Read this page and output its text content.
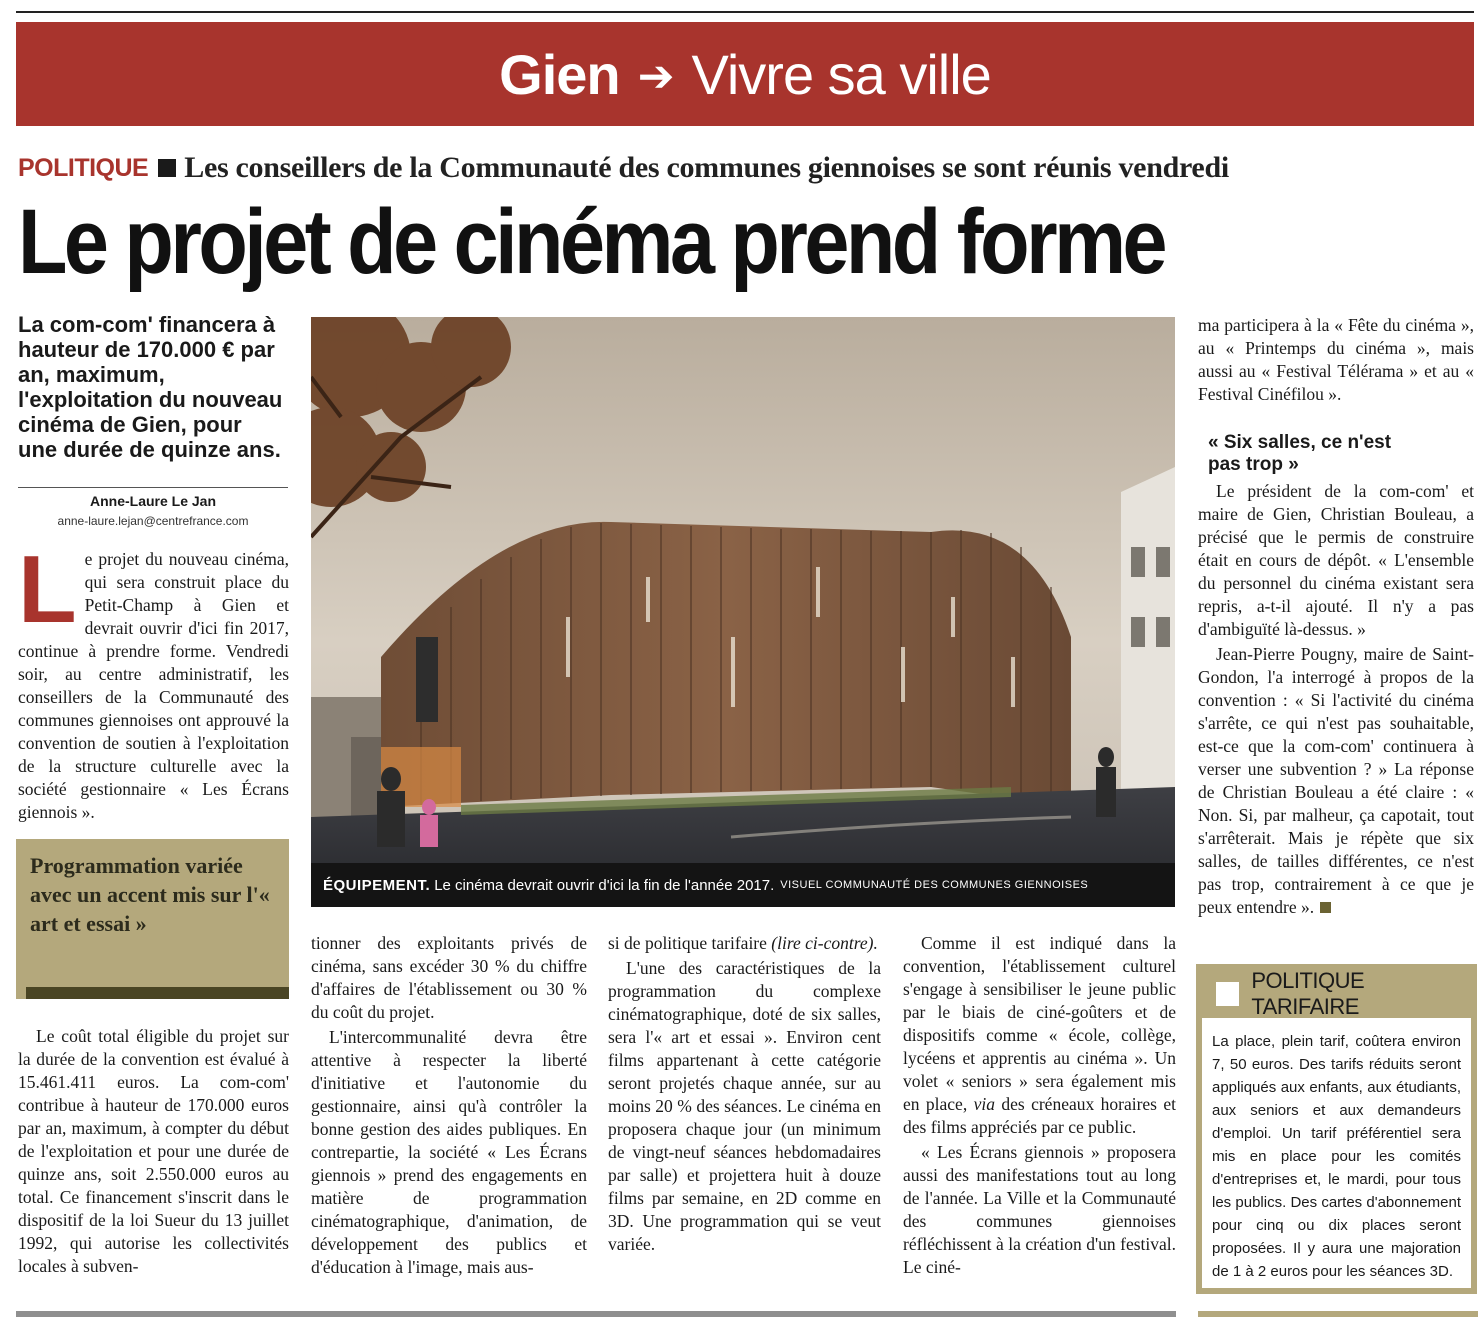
Gien ➔ Vivre sa ville
POLITIQUE Les conseillers de la Communauté des communes giennoises se sont réunis vendredi
Le projet de cinéma prend forme
La com-com' financera à hauteur de 170.000 € par an, maximum, l'exploitation du nouveau cinéma de Gien, pour une durée de quinze ans.
Anne-Laure Le Jan
anne-laure.lejan@centrefrance.com
L e projet du nouveau cinéma, qui sera construit place du Petit-Champ à Gien et devrait ouvrir d'ici fin 2017, continue à prendre forme. Vendredi soir, au centre administratif, les conseillers de la Communauté des communes giennoises ont approuvé la convention de soutien à l'exploitation de la structure culturelle avec la société gestionnaire « Les Écrans giennois ».

Programmation variée avec un accent mis sur l'« art et essai »

Le coût total éligible du projet sur la durée de la convention est évalué à 15.461.411 euros. La com-com' contribue à hauteur de 170.000 euros par an, maximum, à compter du début de l'exploitation et pour une durée de quinze ans, soit 2.550.000 euros au total. Ce financement s'inscrit dans le dispositif de la loi Sueur du 13 juillet 1992, qui autorise les collectivités locales à subven-

ÉQUIPEMENT. Le cinéma devrait ouvrir d'ici la fin de l'année 2017. VISUEL COMMUNAUTÉ DES COMMUNES GIENNOISES

tionner des exploitants privés de cinéma, sans excéder 30 % du chiffre d'affaires de l'établissement ou 30 % du coût du projet.

L'intercommunalité devra être attentive à respecter la liberté d'initiative et l'autonomie du gestionnaire, ainsi qu'à contrôler la bonne gestion des aides publiques. En contrepartie, la société « Les Écrans giennois » prend des engagements en matière de programmation cinématographique, d'animation, de développement des publics et d'éducation à l'image, mais aus-

si de politique tarifaire (lire ci-contre).

L'une des caractéristiques de la programmation du complexe cinématographique, doté de six salles, sera l'« art et essai ». Environ cent films appartenant à cette catégorie seront projetés chaque année, sur au moins 20 % des séances. Le cinéma en proposera chaque jour (un minimum de vingt-neuf séances hebdomadaires par salle) et projettera huit à douze films par semaine, en 2D comme en 3D. Une programmation qui se veut variée.

Comme il est indiqué dans la convention, l'établissement culturel s'engage à sensibiliser le jeune public par le biais de ciné-goûters et de dispositifs comme « école, collège, lycéens et apprentis au cinéma ». Un volet « seniors » sera également mis en place, via des créneaux horaires et des films appréciés par ce public.

« Les Écrans giennois » proposera aussi des manifestations tout au long de l'année. La Ville et la Communauté des communes giennoises réfléchissent à la création d'un festival. Le ciné-

ma participera à la « Fête du cinéma », au « Printemps du cinéma », mais aussi au « Festival Télérama » et au « Festival Cinéfilou ».

« Six salles, ce n'est pas trop »

Le président de la com-com' et maire de Gien, Christian Bouleau, a précisé que le permis de construire était en cours de dépôt. « L'ensemble du personnel du cinéma existant sera repris, a-t-il ajouté. Il n'y a pas d'ambiguïté là-dessus. »

Jean-Pierre Pougny, maire de Saint-Gondon, l'a interrogé à propos de la convention : « Si l'activité du cinéma s'arrête, ce qui n'est pas souhaitable, est-ce que la com-com' continuera à verser une subvention ? » La réponse de Christian Bouleau a été claire : « Non. Si, par malheur, ça capotait, tout s'arrêterait. Mais je répète que six salles, de tailles différentes, ce n'est pas trop, contrairement à ce que je peux entendre ».

POLITIQUE TARIFAIRE
La place, plein tarif, coûtera environ 7, 50 euros. Des tarifs réduits seront appliqués aux enfants, aux étudiants, aux seniors et aux demandeurs d'emploi. Un tarif préférentiel sera mis en place pour les comités d'entreprises et, le mardi, pour tous les publics. Des cartes d'abonnement pour cinq ou dix places seront proposées. Il y aura une majoration de 1 à 2 euros pour les séances 3D.
